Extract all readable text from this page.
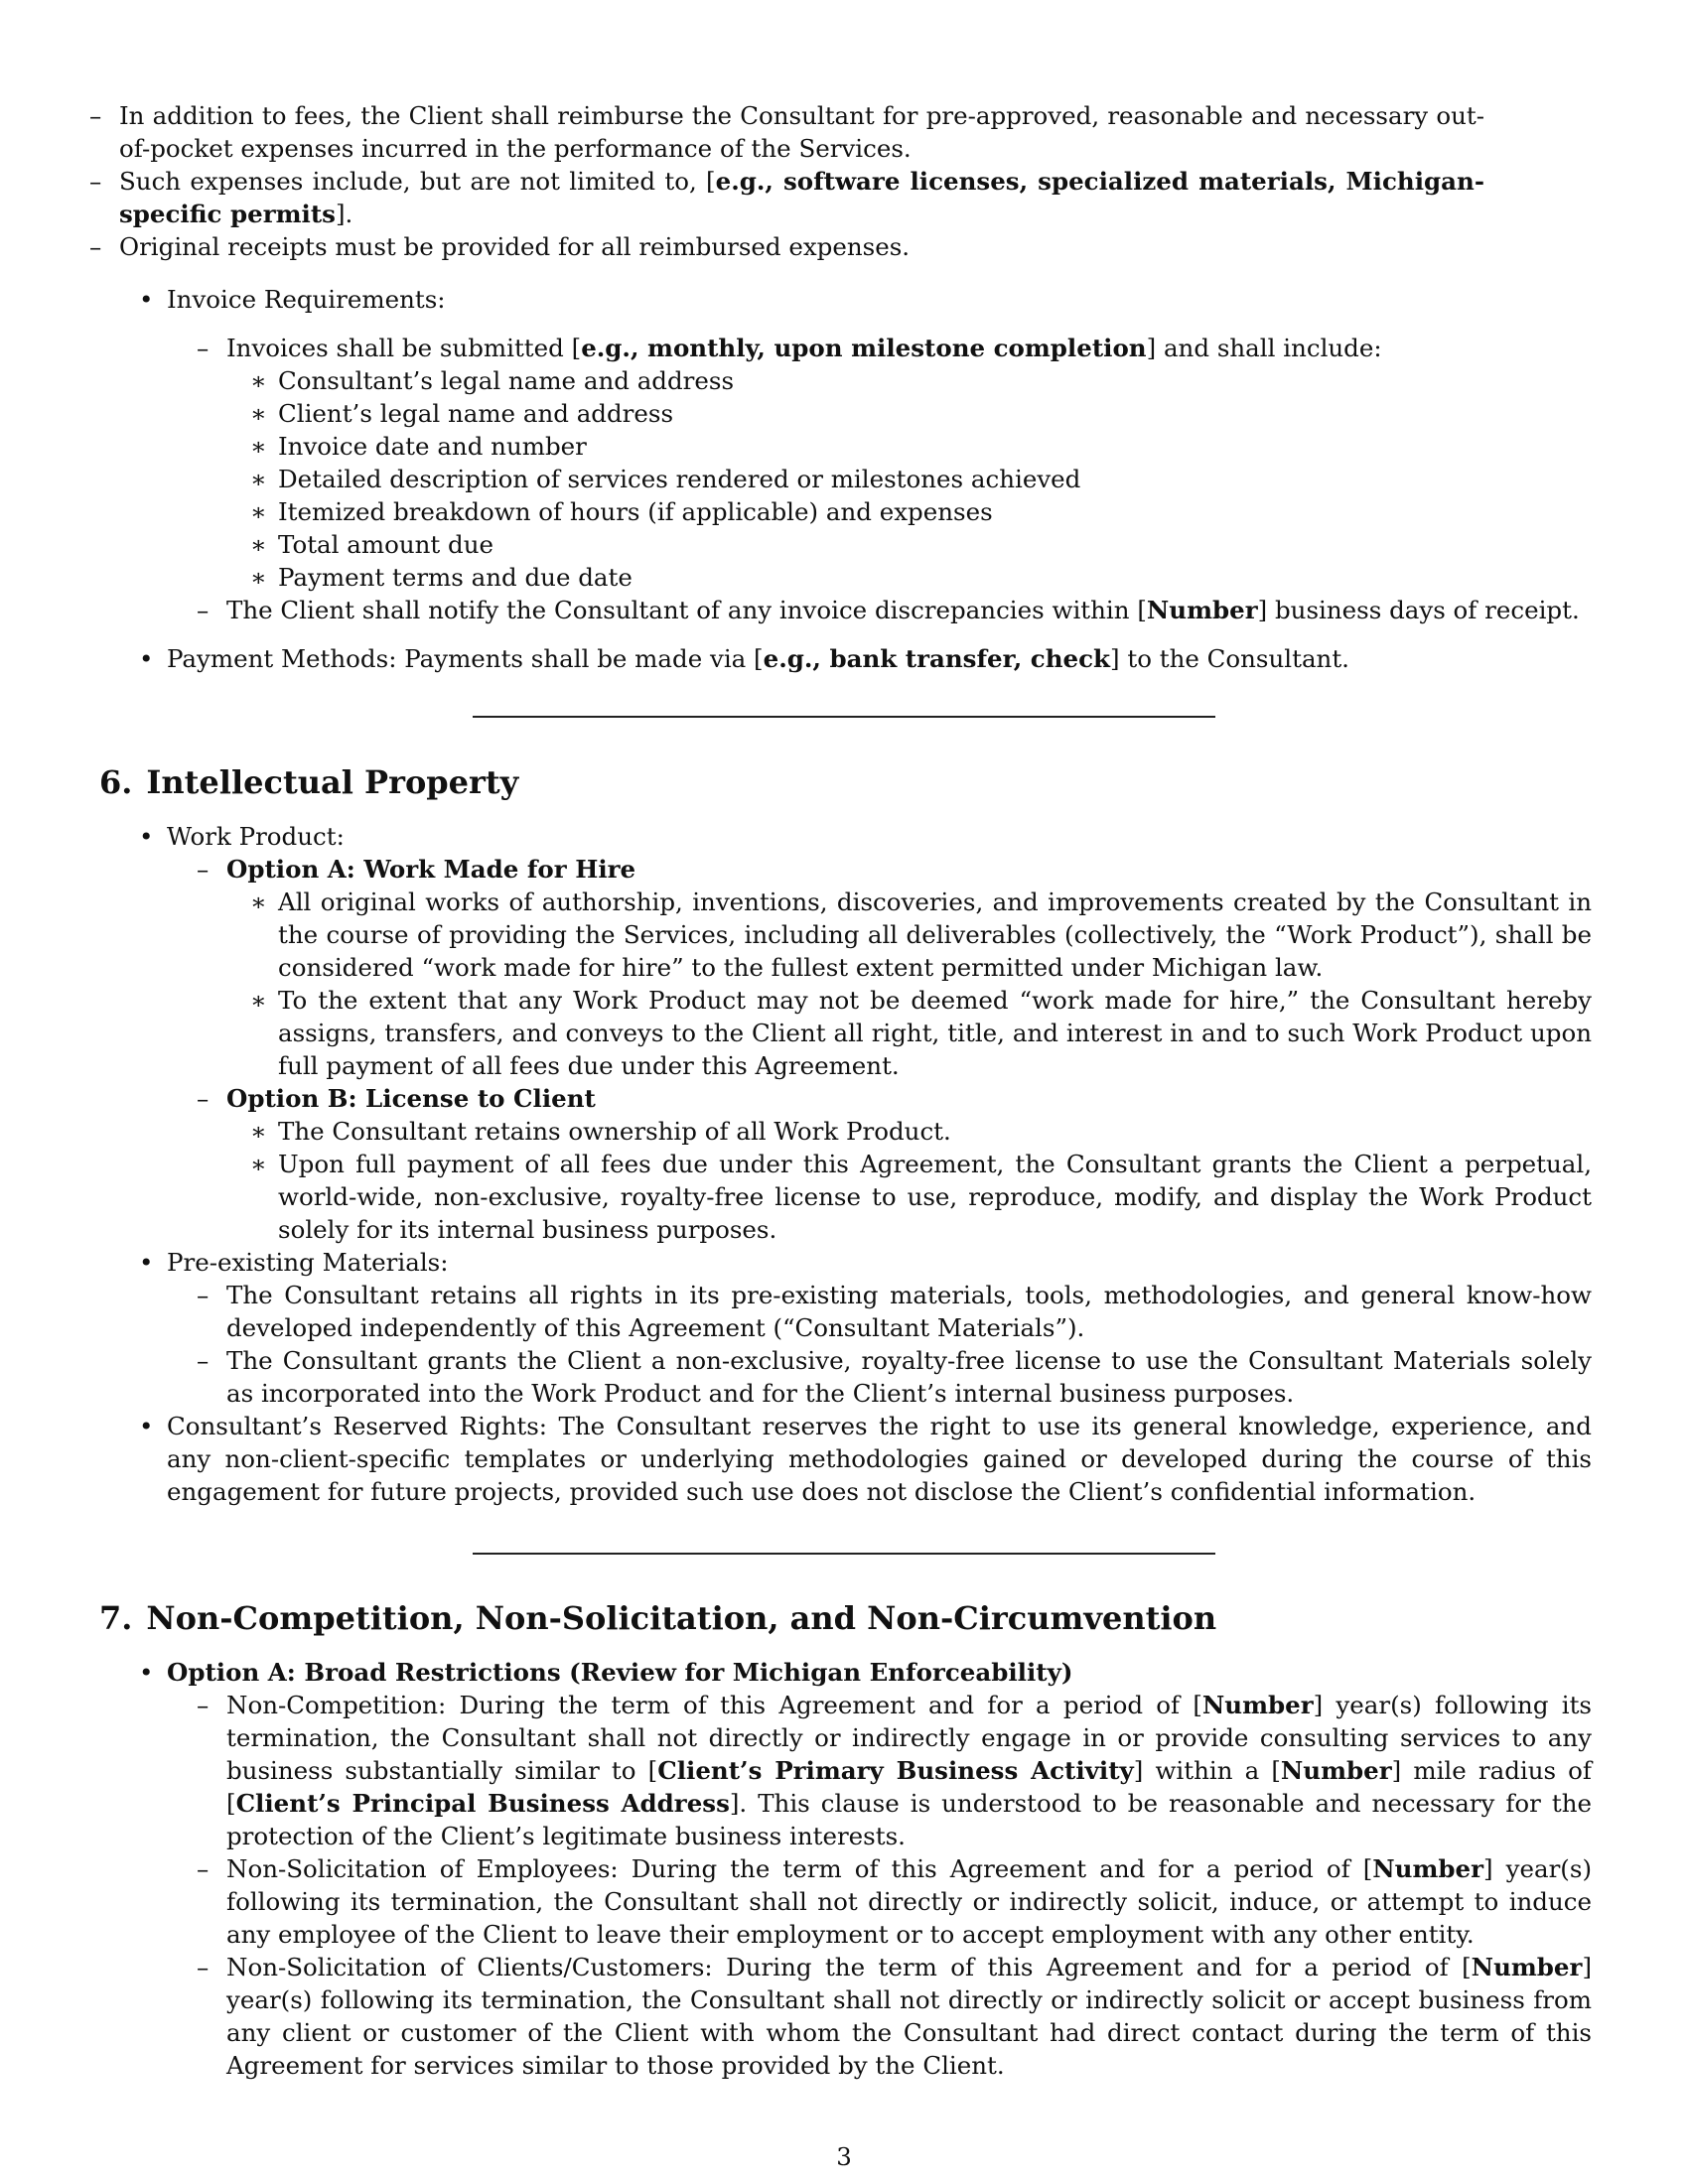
– In addition to fees, the Client shall reimburse the Consultant for pre-approved, reasonable and necessary out-of-pocket expenses incurred in the performance of the Services.
– Such expenses include, but are not limited to, [e.g., software licenses, specialized materials, Michigan-specific permits].
– Original receipts must be provided for all reimbursed expenses.
• Invoice Requirements:
– Invoices shall be submitted [e.g., monthly, upon milestone completion] and shall include:
∗ Consultant’s legal name and address
∗ Client’s legal name and address
∗ Invoice date and number
∗ Detailed description of services rendered or milestones achieved
∗ Itemized breakdown of hours (if applicable) and expenses
∗ Total amount due
∗ Payment terms and due date
– The Client shall notify the Consultant of any invoice discrepancies within [Number] business days of receipt.
• Payment Methods: Payments shall be made via [e.g., bank transfer, check] to the Consultant.
6. Intellectual Property
• Work Product:
– Option A: Work Made for Hire
∗ All original works of authorship, inventions, discoveries, and improvements created by the Consultant in the course of providing the Services, including all deliverables (collectively, the “Work Product”), shall be considered “work made for hire” to the fullest extent permitted under Michigan law.
∗ To the extent that any Work Product may not be deemed “work made for hire,” the Consultant hereby assigns, transfers, and conveys to the Client all right, title, and interest in and to such Work Product upon full payment of all fees due under this Agreement.
– Option B: License to Client
∗ The Consultant retains ownership of all Work Product.
∗ Upon full payment of all fees due under this Agreement, the Consultant grants the Client a perpetual, world-wide, non-exclusive, royalty-free license to use, reproduce, modify, and display the Work Product solely for its internal business purposes.
• Pre-existing Materials:
– The Consultant retains all rights in its pre-existing materials, tools, methodologies, and general know-how developed independently of this Agreement (“Consultant Materials”).
– The Consultant grants the Client a non-exclusive, royalty-free license to use the Consultant Materials solely as incorporated into the Work Product and for the Client’s internal business purposes.
• Consultant’s Reserved Rights: The Consultant reserves the right to use its general knowledge, experience, and any non-client-specific templates or underlying methodologies gained or developed during the course of this engagement for future projects, provided such use does not disclose the Client’s confidential information.
7. Non-Competition, Non-Solicitation, and Non-Circumvention
• Option A: Broad Restrictions (Review for Michigan Enforceability)
– Non-Competition: During the term of this Agreement and for a period of [Number] year(s) following its termination, the Consultant shall not directly or indirectly engage in or provide consulting services to any business substantially similar to [Client’s Primary Business Activity] within a [Number] mile radius of [Client’s Principal Business Address]. This clause is understood to be reasonable and necessary for the protection of the Client’s legitimate business interests.
– Non-Solicitation of Employees: During the term of this Agreement and for a period of [Number] year(s) following its termination, the Consultant shall not directly or indirectly solicit, induce, or attempt to induce any employee of the Client to leave their employment or to accept employment with any other entity.
– Non-Solicitation of Clients/Customers: During the term of this Agreement and for a period of [Number] year(s) following its termination, the Consultant shall not directly or indirectly solicit or accept business from any client or customer of the Client with whom the Consultant had direct contact during the term of this Agreement for services similar to those provided by the Client.
3
